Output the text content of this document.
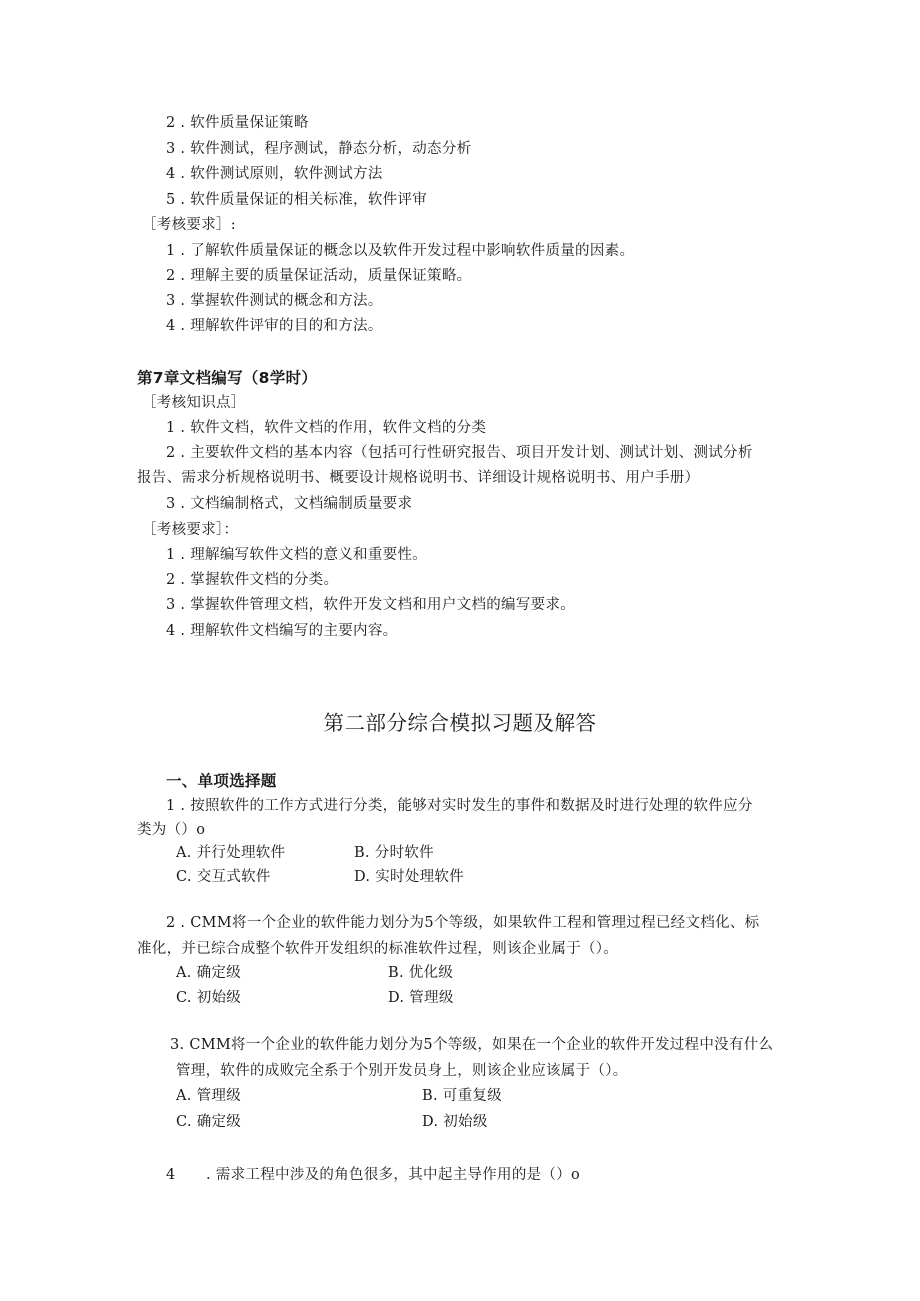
2 . 软件质量保证策略
3 . 软件测试，程序测试，静态分析，动态分析
4 . 软件测试原则，软件测试方法
5 . 软件质量保证的相关标准，软件评审
［考核要求］:
1 . 了解软件质量保证的概念以及软件开发过程中影响软件质量的因素。
2 . 理解主要的质量保证活动，质量保证策略。
3 . 掌握软件测试的概念和方法。
4 . 理解软件评审的目的和方法。
第7章文档编写（8学时）
［考核知识点］
1 . 软件文档，软件文档的作用，软件文档的分类
2 . 主要软件文档的基本内容（包括可行性研究报告、项目开发计划、测试计划、测试分析
报告、需求分析规格说明书、概要设计规格说明书、详细设计规格说明书、用户手册）
3 . 文档编制格式，文档编制质量要求
［考核要求］：
1 . 理解编写软件文档的意义和重要性。
2 . 掌握软件文档的分类。
3 . 掌握软件管理文档，软件开发文档和用户文档的编写要求。
4 . 理解软件文档编写的主要内容。
第二部分综合模拟习题及解答
一、单项选择题
1 . 按照软件的工作方式进行分类，能够对实时发生的事件和数据及时进行处理的软件应分
类为（）o
A. 并行处理软件	B. 分时软件
C. 交互式软件	D. 实时处理软件
2 . CMM将一个企业的软件能力划分为5个等级，如果软件工程和管理过程已经文档化、标
准化，并已综合成整个软件开发组织的标准软件过程，则该企业属于（）。
A. 确定级	B. 优化级
C. 初始级	D. 管理级
3. CMM将一个企业的软件能力划分为5个等级，如果在一个企业的软件开发过程中没有什么
管理，软件的成败完全系于个别开发员身上，则该企业应该属于（）。
A. 管理级	B. 可重复级
C. 确定级	D. 初始级
4 . 需求工程中涉及的角色很多，其中起主导作用的是（）o
